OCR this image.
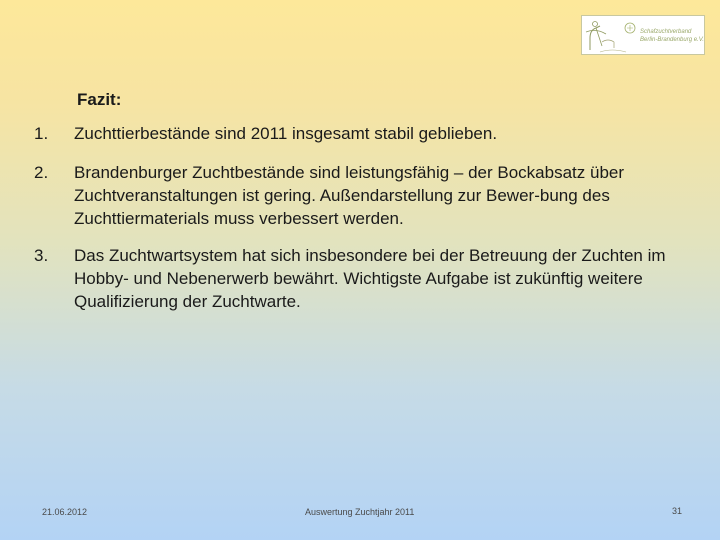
Schafzuchtverband
Berlin-Brandenburg e.V.
Fazit:
1.	Zuchttierbestände sind 2011 insgesamt stabil geblieben.
2.	Brandenburger Zuchtbestände sind leistungsfähig – der Bockabsatz über Zuchtveranstaltungen ist gering. Außendarstellung zur Bewer-bung des Zuchttiermaterials muss verbessert werden.
3.	Das Zuchtwartsystem hat sich insbesondere bei der Betreuung der Zuchten im Hobby- und Nebenerwerb bewährt. Wichtigste Aufgabe ist zukünftig weitere Qualifizierung der Zuchtwarte.
21.06.2012	Auswertung Zuchtjahr 2011	31
